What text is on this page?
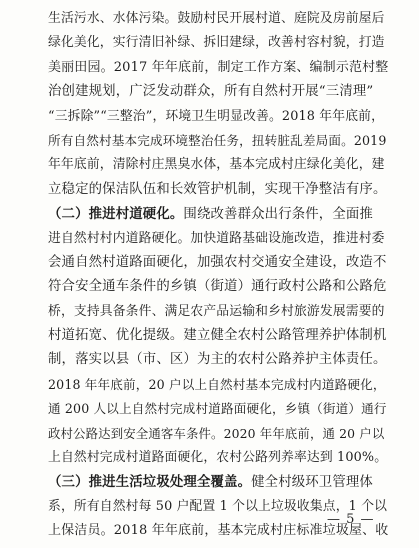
生活污水、水体污染。鼓励村民开展村道、庭院及房前屋后
绿化美化，实行清旧补绿、拆旧建绿，改善村容村貌，打造
美丽田园。2017 年年底前，制定工作方案、编制示范村整
治创建规划，广泛发动群众，所有自然村开展“三清理”
“三拆除”“三整治”，环境卫生明显改善。2018 年年底前，
所有自然村基本完成环境整治任务，扭转脏乱差局面。2019
年年底前，清除村庄黑臭水体，基本完成村庄绿化美化，建
立稳定的保洁队伍和长效管护机制，实现干净整洁有序。
（二）推进村道硬化。围绕改善群众出行条件，全面推
进自然村村内道路硬化。加快道路基础设施改造，推进村委
会通自然村道路面硬化，加强农村交通安全建设，改造不
符合安全通车条件的乡镇（街道）通行政村公路和公路危
桥，支持具备条件、满足农产品运输和乡村旅游发展需要的
村道拓宽、优化提级。建立健全农村公路管理养护体制机
制，落实以县（市、区）为主的农村公路养护主体责任。
2018 年年底前，20 户以上自然村基本完成村内道路硬化，
通 200 人以上自然村完成村道路面硬化，乡镇（街道）通行
政村公路达到安全通客车条件。2020 年年底前，通 20 户以
上自然村完成村道路面硬化，农村公路列养率达到 100%。
（三）推进生活垃圾处理全覆盖。健全村级环卫管理体
系，所有自然村每 50 户配置 1 个以上垃圾收集点，1 个以
上保洁员。2018 年年底前，基本完成村庄标准垃圾屋、收
— 5 —
